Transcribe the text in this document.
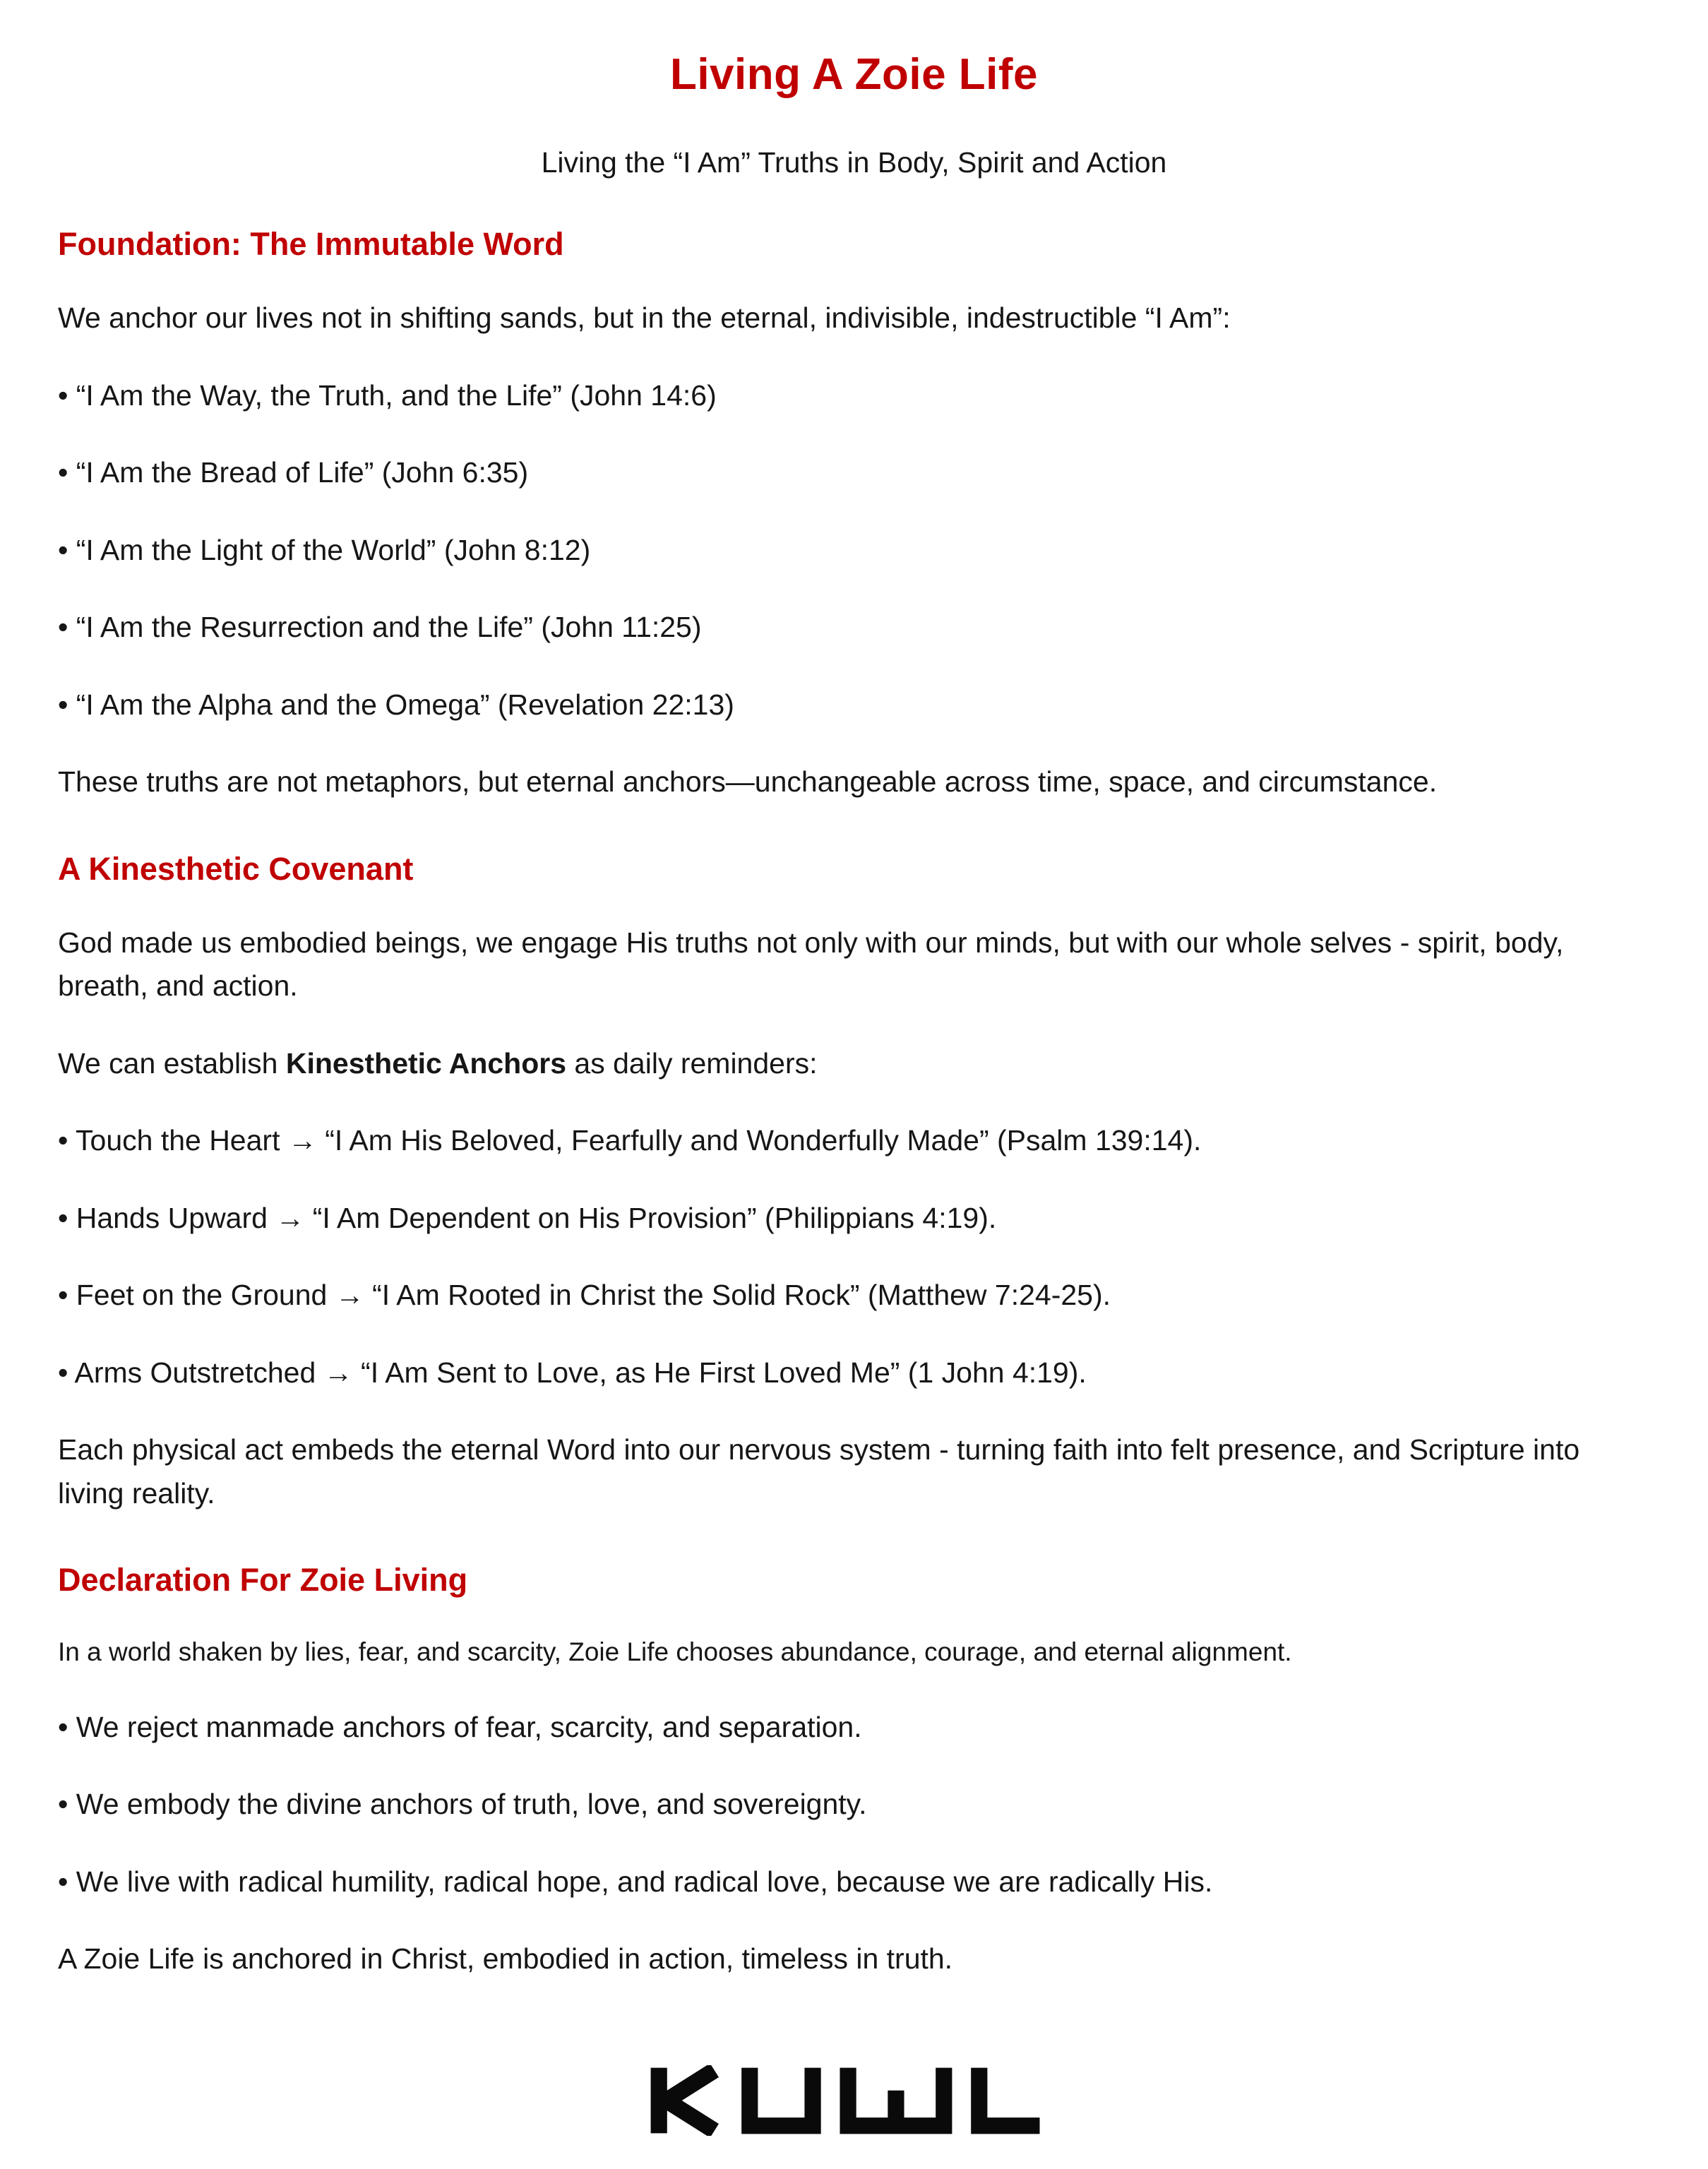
Living A Zoie Life

Living the “I Am” Truths in Body, Spirit and Action

Foundation: The Immutable Word

We anchor our lives not in shifting sands, but in the eternal, indivisible, indestructible “I Am”:

• “I Am the Way, the Truth, and the Life” (John 14:6)

• “I Am the Bread of Life” (John 6:35)

• “I Am the Light of the World” (John 8:12)

• “I Am the Resurrection and the Life” (John 11:25)

• “I Am the Alpha and the Omega” (Revelation 22:13)

These truths are not metaphors, but eternal anchors—unchangeable across time, space, and circumstance.

A Kinesthetic Covenant

God made us embodied beings, we engage His truths not only with our minds, but with our whole selves - spirit, body, breath, and action.

We can establish Kinesthetic Anchors as daily reminders:

• Touch the Heart → “I Am His Beloved, Fearfully and Wonderfully Made” (Psalm 139:14).

• Hands Upward → “I Am Dependent on His Provision” (Philippians 4:19).

• Feet on the Ground → “I Am Rooted in Christ the Solid Rock” (Matthew 7:24-25).

• Arms Outstretched → “I Am Sent to Love, as He First Loved Me” (1 John 4:19).

Each physical act embeds the eternal Word into our nervous system - turning faith into felt presence, and Scripture into living reality.

Declaration For Zoie Living

In a world shaken by lies, fear, and scarcity, Zoie Life chooses abundance, courage, and eternal alignment.

• We reject manmade anchors of fear, scarcity, and separation.

• We embody the divine anchors of truth, love, and sovereignty.

• We live with radical humility, radical hope, and radical love, because we are radically His.

A Zoie Life is anchored in Christ, embodied in action, timeless in truth.
